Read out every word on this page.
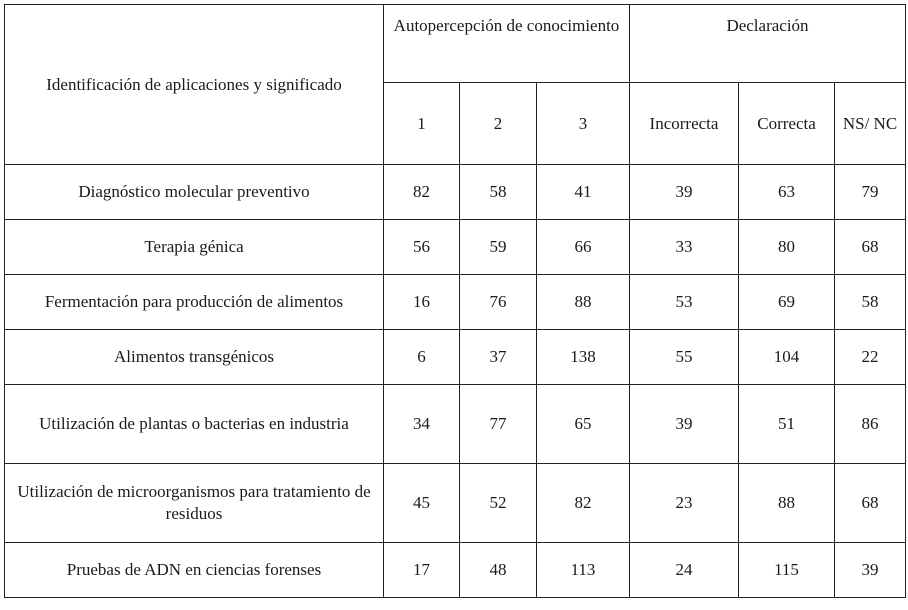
Identificación de aplicaciones y significado	Autopercepción de conocimiento			Declaración		
	1	2	3	Incorrecta	Correcta	NS/ NC
Diagnóstico molecular preventivo	82	58	41	39	63	79
Terapia génica	56	59	66	33	80	68
Fermentación para producción de alimentos	16	76	88	53	69	58
Alimentos transgénicos	6	37	138	55	104	22
Utilización de plantas o bacterias en industria	34	77	65	39	51	86
Utilización de microorganismos para tratamiento de residuos	45	52	82	23	88	68
Pruebas de ADN en ciencias forenses	17	48	113	24	115	39
